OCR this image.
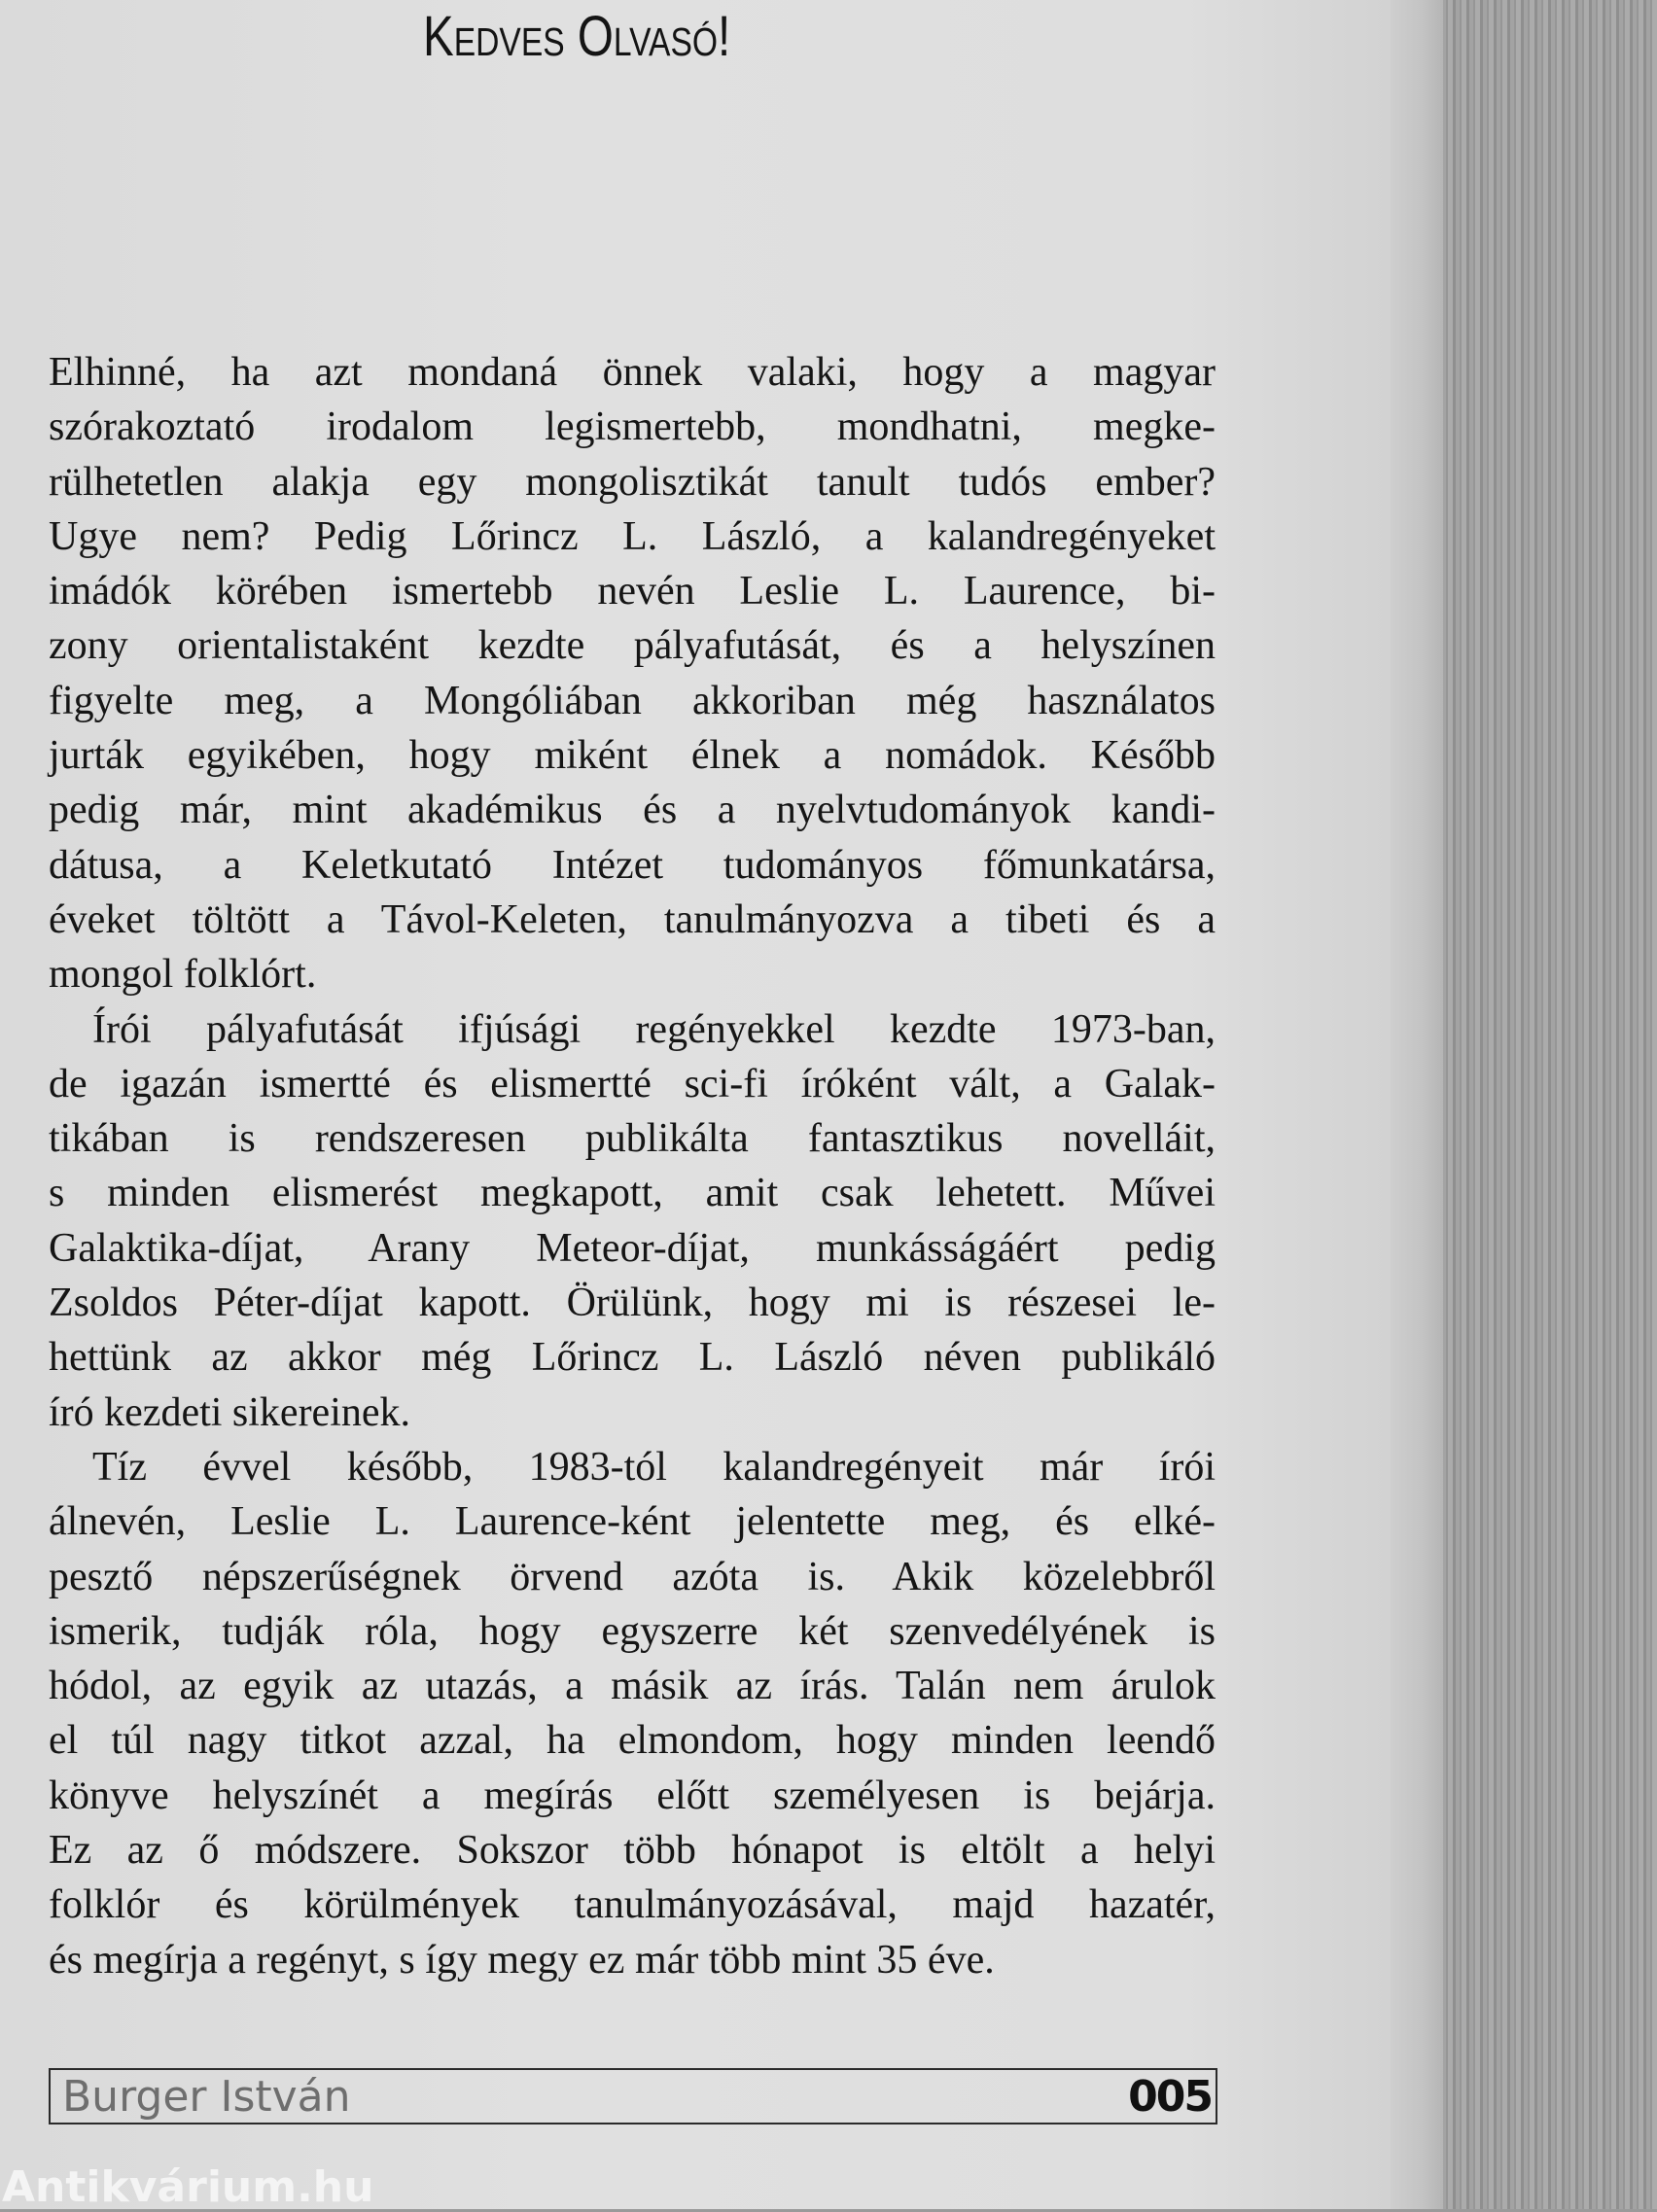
Kedves Olvasó!
Elhinné, ha azt mondaná önnek valaki, hogy a magyar
szórakoztató irodalom legismertebb, mondhatni, megke-
rülhetetlen alakja egy mongolisztikát tanult tudós ember?
Ugye nem? Pedig Lőrincz L. László, a kalandregényeket
imádók körében ismertebb nevén Leslie L. Laurence, bi-
zony orientalistaként kezdte pályafutását, és a helyszínen
figyelte meg, a Mongóliában akkoriban még használatos
jurták egyikében, hogy miként élnek a nomádok. Később
pedig már, mint akadémikus és a nyelvtudományok kandi-
dátusa, a Keletkutató Intézet tudományos főmunkatársa,
éveket töltött a Távol-Keleten, tanulmányozva a tibeti és a
mongol folklórt.
Írói pályafutását ifjúsági regényekkel kezdte 1973-ban,
de igazán ismertté és elismertté sci-fi íróként vált, a Galak-
tikában is rendszeresen publikálta fantasztikus novelláit,
s minden elismerést megkapott, amit csak lehetett. Művei
Galaktika-díjat, Arany Meteor-díjat, munkásságáért pedig
Zsoldos Péter-díjat kapott. Örülünk, hogy mi is részesei le-
hettünk az akkor még Lőrincz L. László néven publikáló
író kezdeti sikereinek.
Tíz évvel később, 1983-tól kalandregényeit már írói
álnevén, Leslie L. Laurence-ként jelentette meg, és elké-
pesztő népszerűségnek örvend azóta is. Akik közelebbről
ismerik, tudják róla, hogy egyszerre két szenvedélyének is
hódol, az egyik az utazás, a másik az írás. Talán nem árulok
el túl nagy titkot azzal, ha elmondom, hogy minden leendő
könyve helyszínét a megírás előtt személyesen is bejárja.
Ez az ő módszere. Sokszor több hónapot is eltölt a helyi
folklór és körülmények tanulmányozásával, majd hazatér,
és megírja a regényt, s így megy ez már több mint 35 éve.
Burger István	005
Antikvárium.hu
